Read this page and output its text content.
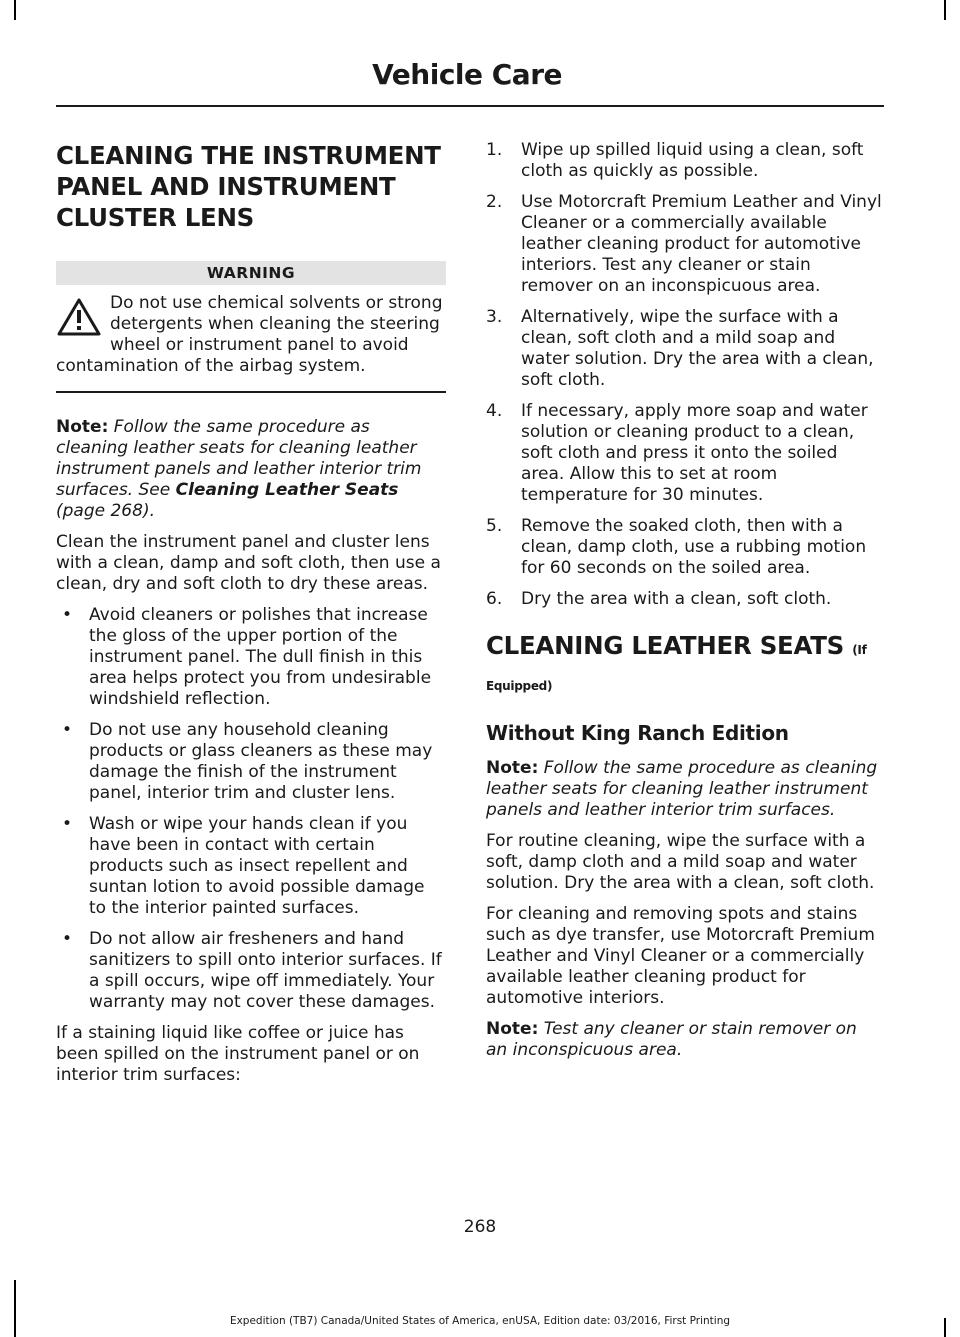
Vehicle Care
CLEANING THE INSTRUMENT PANEL AND INSTRUMENT CLUSTER LENS
WARNING
Do not use chemical solvents or strong detergents when cleaning the steering wheel or instrument panel to avoid contamination of the airbag system.

Note: Follow the same procedure as cleaning leather seats for cleaning leather instrument panels and leather interior trim surfaces. See Cleaning Leather Seats (page 268).

Clean the instrument panel and cluster lens with a clean, damp and soft cloth, then use a clean, dry and soft cloth to dry these areas.

• Avoid cleaners or polishes that increase the gloss of the upper portion of the instrument panel. The dull finish in this area helps protect you from undesirable windshield reflection.
• Do not use any household cleaning products or glass cleaners as these may damage the finish of the instrument panel, interior trim and cluster lens.
• Wash or wipe your hands clean if you have been in contact with certain products such as insect repellent and suntan lotion to avoid possible damage to the interior painted surfaces.
• Do not allow air fresheners and hand sanitizers to spill onto interior surfaces. If a spill occurs, wipe off immediately. Your warranty may not cover these damages.

If a staining liquid like coffee or juice has been spilled on the instrument panel or on interior trim surfaces:

1. Wipe up spilled liquid using a clean, soft cloth as quickly as possible.
2. Use Motorcraft Premium Leather and Vinyl Cleaner or a commercially available leather cleaning product for automotive interiors. Test any cleaner or stain remover on an inconspicuous area.
3. Alternatively, wipe the surface with a clean, soft cloth and a mild soap and water solution. Dry the area with a clean, soft cloth.
4. If necessary, apply more soap and water solution or cleaning product to a clean, soft cloth and press it onto the soiled area. Allow this to set at room temperature for 30 minutes.
5. Remove the soaked cloth, then with a clean, damp cloth, use a rubbing motion for 60 seconds on the soiled area.
6. Dry the area with a clean, soft cloth.
CLEANING LEATHER SEATS (If Equipped)
Without King Ranch Edition

Note: Follow the same procedure as cleaning leather seats for cleaning leather instrument panels and leather interior trim surfaces.

For routine cleaning, wipe the surface with a soft, damp cloth and a mild soap and water solution. Dry the area with a clean, soft cloth.

For cleaning and removing spots and stains such as dye transfer, use Motorcraft Premium Leather and Vinyl Cleaner or a commercially available leather cleaning product for automotive interiors.

Note: Test any cleaner or stain remover on an inconspicuous area.

268
Expedition (TB7) Canada/United States of America, enUSA, Edition date: 03/2016, First Printing
